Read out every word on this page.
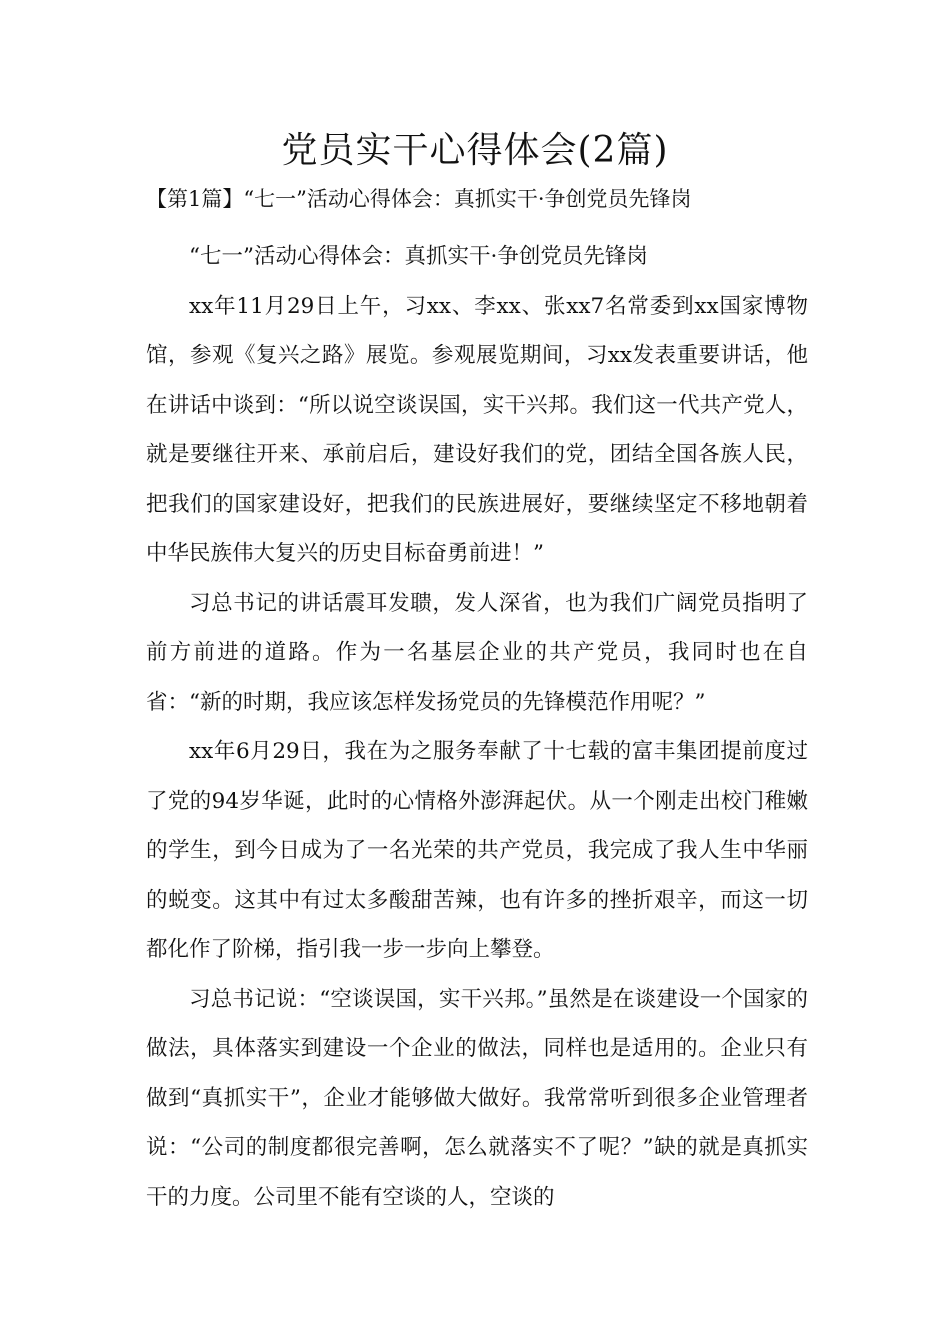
党员实干心得体会(2篇)

【第1篇】“七一”活动心得体会：真抓实干·争创党员先锋岗

“七一”活动心得体会：真抓实干·争创党员先锋岗

xx年11月29日上午，习xx、李xx、张xx7名常委到xx国家博物馆，参观《复兴之路》展览。参观展览期间，习xx发表重要讲话，他在讲话中谈到：“所以说空谈误国，实干兴邦。我们这一代共产党人，就是要继往开来、承前启后，建设好我们的党，团结全国各族人民，把我们的国家建设好，把我们的民族进展好，要继续坚定不移地朝着中华民族伟大复兴的历史目标奋勇前进！”

习总书记的讲话震耳发聩，发人深省，也为我们广阔党员指明了前方前进的道路。作为一名基层企业的共产党员，我同时也在自省：“新的时期，我应该怎样发扬党员的先锋模范作用呢？”

xx年6月29日，我在为之服务奉献了十七载的富丰集团提前度过了党的94岁华诞，此时的心情格外澎湃起伏。从一个刚走出校门稚嫩的学生，到今日成为了一名光荣的共产党员，我完成了我人生中华丽的蜕变。这其中有过太多酸甜苦辣，也有许多的挫折艰辛，而这一切都化作了阶梯，指引我一步一步向上攀登。

习总书记说：“空谈误国，实干兴邦。”虽然是在谈建设一个国家的做法，具体落实到建设一个企业的做法，同样也是适用的。企业只有做到“真抓实干”，企业才能够做大做好。我常常听到很多企业管理者说：“公司的制度都很完善啊，怎么就落实不了呢？”缺的就是真抓实干的力度。公司里不能有空谈的人，空谈的
